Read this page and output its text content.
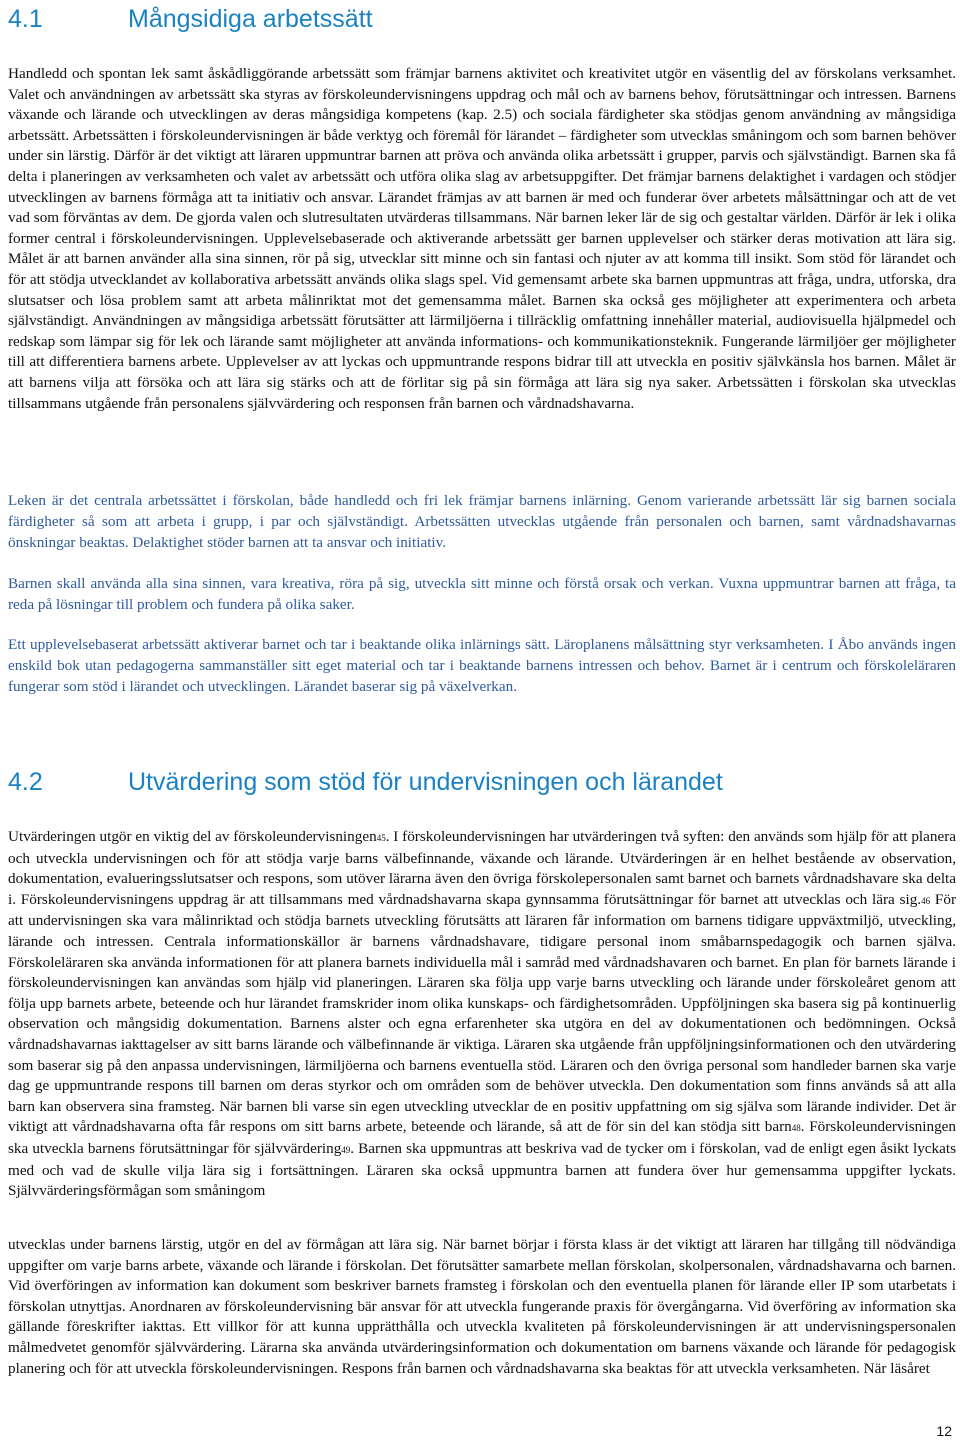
4.1	Mångsidiga arbetssätt

Handledd och spontan lek samt åskådliggörande arbetssätt som främjar barnens aktivitet och kreativitet utgör en väsentlig del av förskolans verksamhet. Valet och användningen av arbetssätt ska styras av förskoleundervisningens uppdrag och mål och av barnens behov, förutsättningar och intressen. Barnens växande och lärande och utvecklingen av deras mångsidiga kompetens (kap. 2.5) och sociala färdigheter ska stödjas genom användning av mångsidiga arbetssätt. Arbetssätten i förskoleundervisningen är både verktyg och föremål för lärandet – färdigheter som utvecklas småningom och som barnen behöver under sin lärstig. Därför är det viktigt att läraren uppmuntrar barnen att pröva och använda olika arbetssätt i grupper, parvis och självständigt. Barnen ska få delta i planeringen av verksamheten och valet av arbetssätt och utföra olika slag av arbetsuppgifter. Det främjar barnens delaktighet i vardagen och stödjer utvecklingen av barnens förmåga att ta initiativ och ansvar. Lärandet främjas av att barnen är med och funderar över arbetets målsättningar och att de vet vad som förväntas av dem. De gjorda valen och slutresultaten utvärderas tillsammans. När barnen leker lär de sig och gestaltar världen. Därför är lek i olika former central i förskoleundervisningen. Upplevelsebaserade och aktiverande arbetssätt ger barnen upplevelser och stärker deras motivation att lära sig. Målet är att barnen använder alla sina sinnen, rör på sig, utvecklar sitt minne och sin fantasi och njuter av att komma till insikt. Som stöd för lärandet och för att stödja utvecklandet av kollaborativa arbetssätt används olika slags spel. Vid gemensamt arbete ska barnen uppmuntras att fråga, undra, utforska, dra slutsatser och lösa problem samt att arbeta målinriktat mot det gemensamma målet. Barnen ska också ges möjligheter att experimentera och arbeta självständigt. Användningen av mångsidiga arbetssätt förutsätter att lärmiljöerna i tillräcklig omfattning innehåller material, audiovisuella hjälpmedel och redskap som lämpar sig för lek och lärande samt möjligheter att använda informations- och kommunikationsteknik. Fungerande lärmiljöer ger möjligheter till att differentiera barnens arbete. Upplevelser av att lyckas och uppmuntrande respons bidrar till att utveckla en positiv självkänsla hos barnen. Målet är att barnens vilja att försöka och att lära sig stärks och att de förlitar sig på sin förmåga att lära sig nya saker. Arbetssätten i förskolan ska utvecklas tillsammans utgående från personalens självvärdering och responsen från barnen och vårdnadshavarna.

Leken är det centrala arbetssättet i förskolan, både handledd och fri lek främjar barnens inlärning. Genom varierande arbetssätt lär sig barnen sociala färdigheter så som att arbeta i grupp, i par och självständigt. Arbetssätten utvecklas utgående från personalen och barnen, samt vårdnadshavarnas önskningar beaktas. Delaktighet stöder barnen att ta ansvar och initiativ.

Barnen skall använda alla sina sinnen, vara kreativa, röra på sig, utveckla sitt minne och förstå orsak och verkan. Vuxna uppmuntrar barnen att fråga, ta reda på lösningar till problem och fundera på olika saker.

Ett upplevelsebaserat arbetssätt aktiverar barnet och tar i beaktande olika inlärnings sätt. Läroplanens målsättning styr verksamheten. I Åbo används ingen enskild bok utan pedagogerna sammanställer sitt eget material och tar i beaktande barnens intressen och behov. Barnet är i centrum och förskoleläraren fungerar som stöd i lärandet och utvecklingen. Lärandet baserar sig på växelverkan.

4.2	Utvärdering som stöd för undervisningen och lärandet

Utvärderingen utgör en viktig del av förskoleundervisningen45. I förskoleundervisningen har utvärderingen två syften: den används som hjälp för att planera och utveckla undervisningen och för att stödja varje barns välbefinnande, växande och lärande. Utvärderingen är en helhet bestående av observation, dokumentation, evalueringsslutsatser och respons, som utöver lärarna även den övriga förskolepersonalen samt barnet och barnets vårdnadshavare ska delta i. Förskoleundervisningens uppdrag är att tillsammans med vårdnadshavarna skapa gynnsamma förutsättningar för barnet att utvecklas och lära sig.46 För att undervisningen ska vara målinriktad och stödja barnets utveckling förutsätts att läraren får information om barnens tidigare uppväxtmiljö, utveckling, lärande och intressen. Centrala informationskällor är barnens vårdnadshavare, tidigare personal inom småbarnspedagogik och barnen själva. Förskoleläraren ska använda informationen för att planera barnets individuella mål i samråd med vårdnadshavaren och barnet. En plan för barnets lärande i förskoleundervisningen kan användas som hjälp vid planeringen. Läraren ska följa upp varje barns utveckling och lärande under förskoleåret genom att följa upp barnets arbete, beteende och hur lärandet framskrider inom olika kunskaps- och färdighetsområden. Uppföljningen ska basera sig på kontinuerlig observation och mångsidig dokumentation. Barnens alster och egna erfarenheter ska utgöra en del av dokumentationen och bedömningen. Också vårdnadshavarnas iakttagelser av sitt barns lärande och välbefinnande är viktiga. Läraren ska utgående från uppföljningsinformationen och den utvärdering som baserar sig på den anpassa undervisningen, lärmiljöerna och barnens eventuella stöd. Läraren och den övriga personal som handleder barnen ska varje dag ge uppmuntrande respons till barnen om deras styrkor och om områden som de behöver utveckla. Den dokumentation som finns används så att alla barn kan observera sina framsteg. När barnen bli varse sin egen utveckling utvecklar de en positiv uppfattning om sig själva som lärande individer. Det är viktigt att vårdnadshavarna ofta får respons om sitt barns arbete, beteende och lärande, så att de för sin del kan stödja sitt barn48. Förskoleundervisningen ska utveckla barnens förutsättningar för självvärdering49. Barnen ska uppmuntras att beskriva vad de tycker om i förskolan, vad de enligt egen åsikt lyckats med och vad de skulle vilja lära sig i fortsättningen. Läraren ska också uppmuntra barnen att fundera över hur gemensamma uppgifter lyckats. Självvärderingsförmågan som småningom

utvecklas under barnens lärstig, utgör en del av förmågan att lära sig. När barnet börjar i första klass är det viktigt att läraren har tillgång till nödvändiga uppgifter om varje barns arbete, växande och lärande i förskolan. Det förutsätter samarbete mellan förskolan, skolpersonalen, vårdnadshavarna och barnen. Vid överföringen av information kan dokument som beskriver barnets framsteg i förskolan och den eventuella planen för lärande eller IP som utarbetats i förskolan utnyttjas. Anordnaren av förskoleundervisning bär ansvar för att utveckla fungerande praxis för övergångarna. Vid överföring av information ska gällande föreskrifter iakttas. Ett villkor för att kunna upprätthålla och utveckla kvaliteten på förskoleundervisningen är att undervisningspersonalen målmedvetet genomför självvärdering. Lärarna ska använda utvärderingsinformation och dokumentation om barnens växande och lärande för pedagogisk planering och för att utveckla förskoleundervisningen. Respons från barnen och vårdnadshavarna ska beaktas för att utveckla verksamheten. När läsåret

12
